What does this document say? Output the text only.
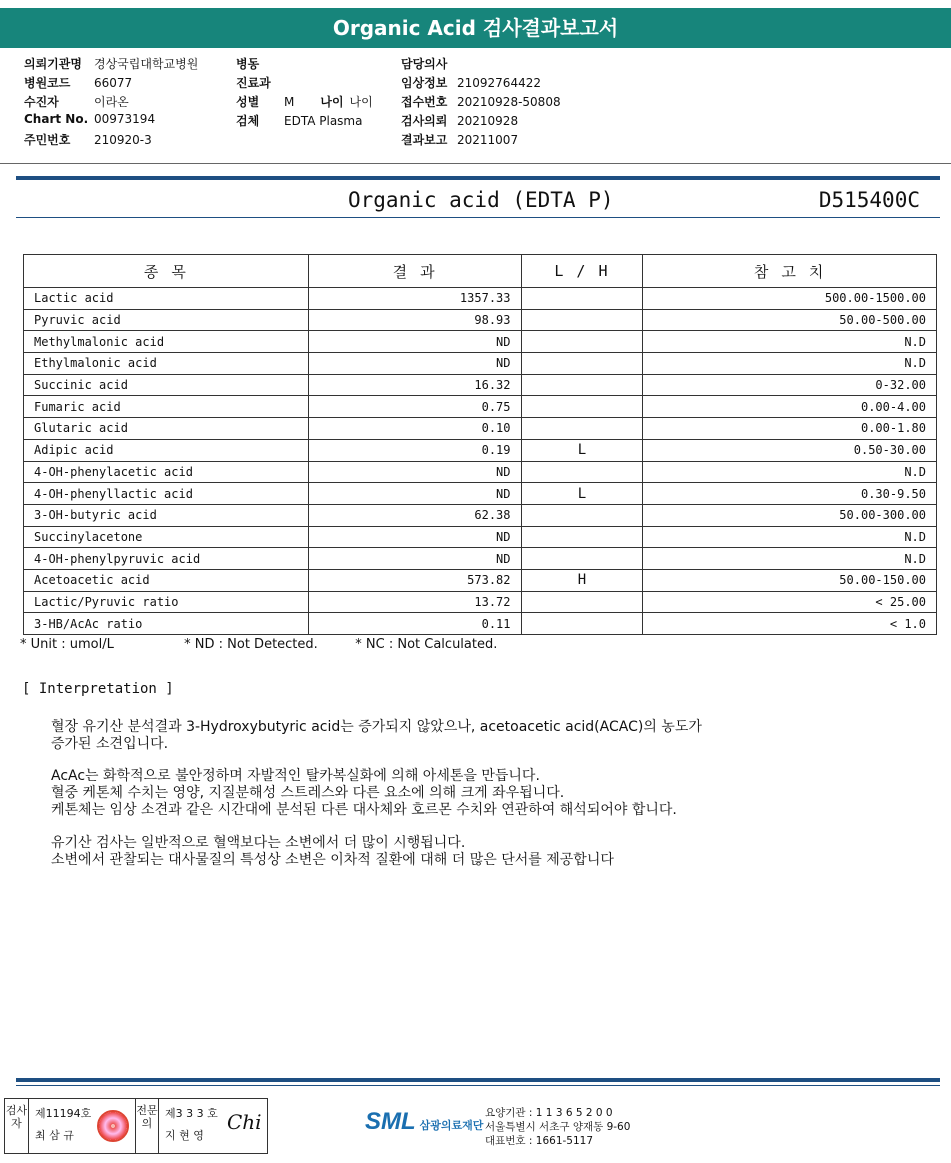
Organic Acid 검사결과보고서
의뢰기관명 경상국립대학교병원
병원코드 66077
수진자	이라온
Chart No. 00973194
주민번호 210920-3
병동
진료과
성별 M 나이 나이
검체 EDTA Plasma
담당의사
임상정보 21092764422
접수번호 20210928-50808
검사의뢰 20210928
결과보고 20211007
Organic acid (EDTA P)	D515400C
종 목	결 과	L / H	참 고 치
Lactic acid	1357.33		500.00-1500.00
Pyruvic acid	98.93		50.00-500.00
Methylmalonic acid	ND		N.D
Ethylmalonic acid	ND		N.D
Succinic acid	16.32		0-32.00
Fumaric acid	0.75		0.00-4.00
Glutaric acid	0.10		0.00-1.80
Adipic acid	0.19	L	0.50-30.00
4-OH-phenylacetic acid	ND		N.D
4-OH-phenyllactic acid	ND	L	0.30-9.50
3-OH-butyric acid	62.38		50.00-300.00
Succinylacetone	ND		N.D
4-OH-phenylpyruvic acid	ND		N.D
Acetoacetic acid	573.82	H	50.00-150.00
Lactic/Pyruvic ratio	13.72		< 25.00
3-HB/AcAc ratio	0.11		< 1.0
* Unit : umol/L	* ND : Not Detected.	* NC : Not Calculated.
[ Interpretation ]
혈장 유기산 분석결과 3-Hydroxybutyric acid는 증가되지 않았으나, acetoacetic acid(ACAC)의 농도가
증가된 소견입니다.
AcAc는 화학적으로 불안정하며 자발적인 탈카복실화에 의해 아세톤을 만듭니다.
혈중 케톤체 수치는 영양, 지질분해성 스트레스와 다른 요소에 의해 크게 좌우됩니다.
케톤체는 임상 소견과 같은 시간대에 분석된 다른 대사체와 호르몬 수치와 연관하여 해석되어야 합니다.
유기산 검사는 일반적으로 혈액보다는 소변에서 더 많이 시행됩니다.
소변에서 관찰되는 대사물질의 특성상 소변은 이차적 질환에 대해 더 많은 단서를 제공합니다
검사자
제11194호
최 삼 규
전문의
제3 3 3 호
지 현 영
Chi	SML 삼광의료재단
요양기관 : 1 1 3 6 5 2 0 0
서울특별시 서초구 양재동 9-60
대표번호 : 1661-5117
